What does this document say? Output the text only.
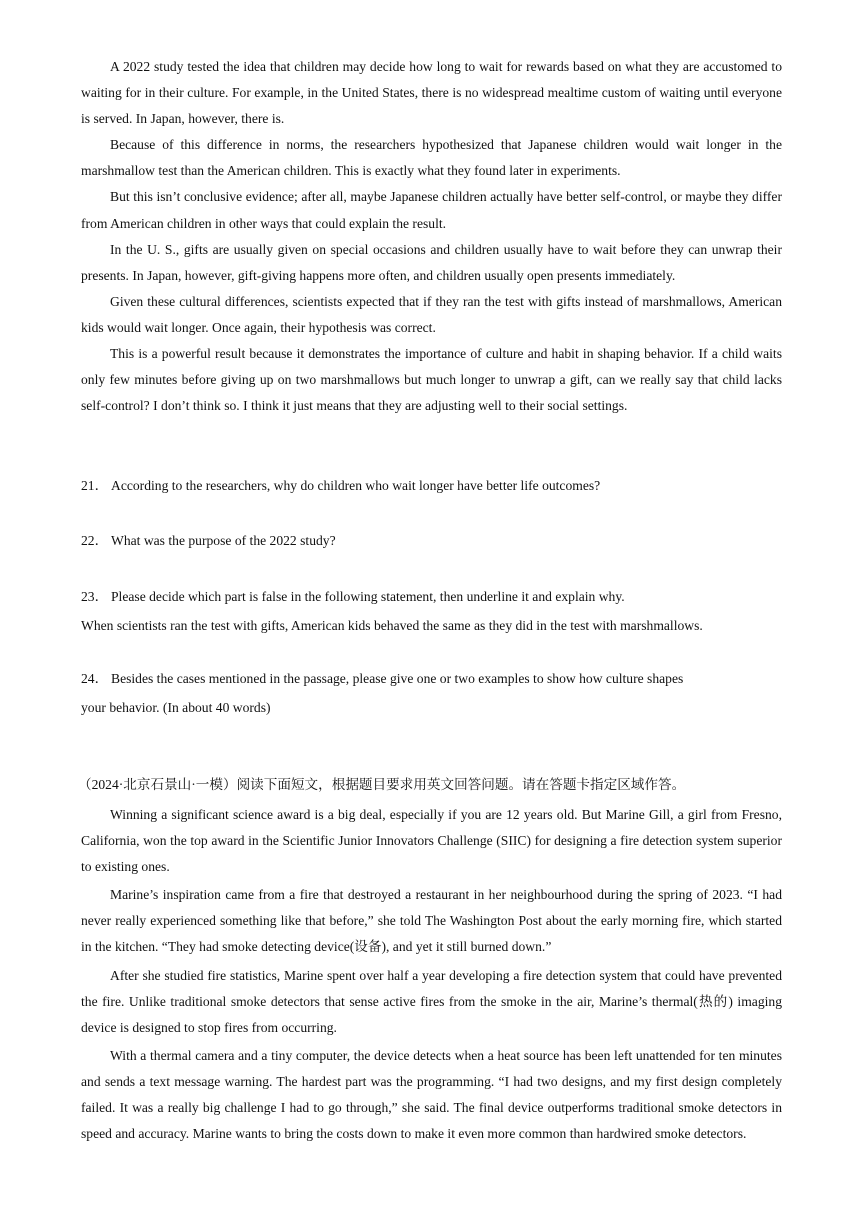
A 2022 study tested the idea that children may decide how long to wait for rewards based on what they are accustomed to waiting for in their culture. For example, in the United States, there is no widespread mealtime custom of waiting until everyone is served. In Japan, however, there is.

Because of this difference in norms, the researchers hypothesized that Japanese children would wait longer in the marshmallow test than the American children. This is exactly what they found later in experiments.

But this isn’t conclusive evidence; after all, maybe Japanese children actually have better self-control, or maybe they differ from American children in other ways that could explain the result.

In the U. S., gifts are usually given on special occasions and children usually have to wait before they can unwrap their presents. In Japan, however, gift-giving happens more often, and children usually open presents immediately.

Given these cultural differences, scientists expected that if they ran the test with gifts instead of marshmallows, American kids would wait longer. Once again, their hypothesis was correct.

This is a powerful result because it demonstrates the importance of culture and habit in shaping behavior. If a child waits only few minutes before giving up on two marshmallows but much longer to unwrap a gift, can we really say that child lacks self-control? I don’t think so. I think it just means that they are adjusting well to their social settings.

21． According to the researchers, why do children who wait longer have better life outcomes?

22． What was the purpose of the 2022 study?

23． Please decide which part is false in the following statement, then underline it and explain why.

When scientists ran the test with gifts, American kids behaved the same as they did in the test with marshmallows.

24． Besides the cases mentioned in the passage, please give one or two examples to show how culture shapes

your behavior. (In about 40 words)

（2024·北京石景山·一模）阅读下面短文，根据题目要求用英文回答问题。请在答题卡指定区域作答。

Winning a significant science award is a big deal, especially if you are 12 years old. But Marine Gill, a girl from Fresno, California, won the top award in the Scientific Junior Innovators Challenge (SIIC) for designing a fire detection system superior to existing ones.

Marine’s inspiration came from a fire that destroyed a restaurant in her neighbourhood during the spring of 2023. “I had never really experienced something like that before,” she told The Washington Post about the early morning fire, which started in the kitchen. “They had smoke detecting device(设备), and yet it still burned down.”

After she studied fire statistics, Marine spent over half a year developing a fire detection system that could have prevented the fire. Unlike traditional smoke detectors that sense active fires from the smoke in the air, Marine’s thermal(热的) imaging device is designed to stop fires from occurring.

With a thermal camera and a tiny computer, the device detects when a heat source has been left unattended for ten minutes and sends a text message warning. The hardest part was the programming. “I had two designs, and my first design completely failed. It was a really big challenge I had to go through,” she said. The final device outperforms traditional smoke detectors in speed and accuracy. Marine wants to bring the costs down to make it even more common than hardwired smoke detectors.
